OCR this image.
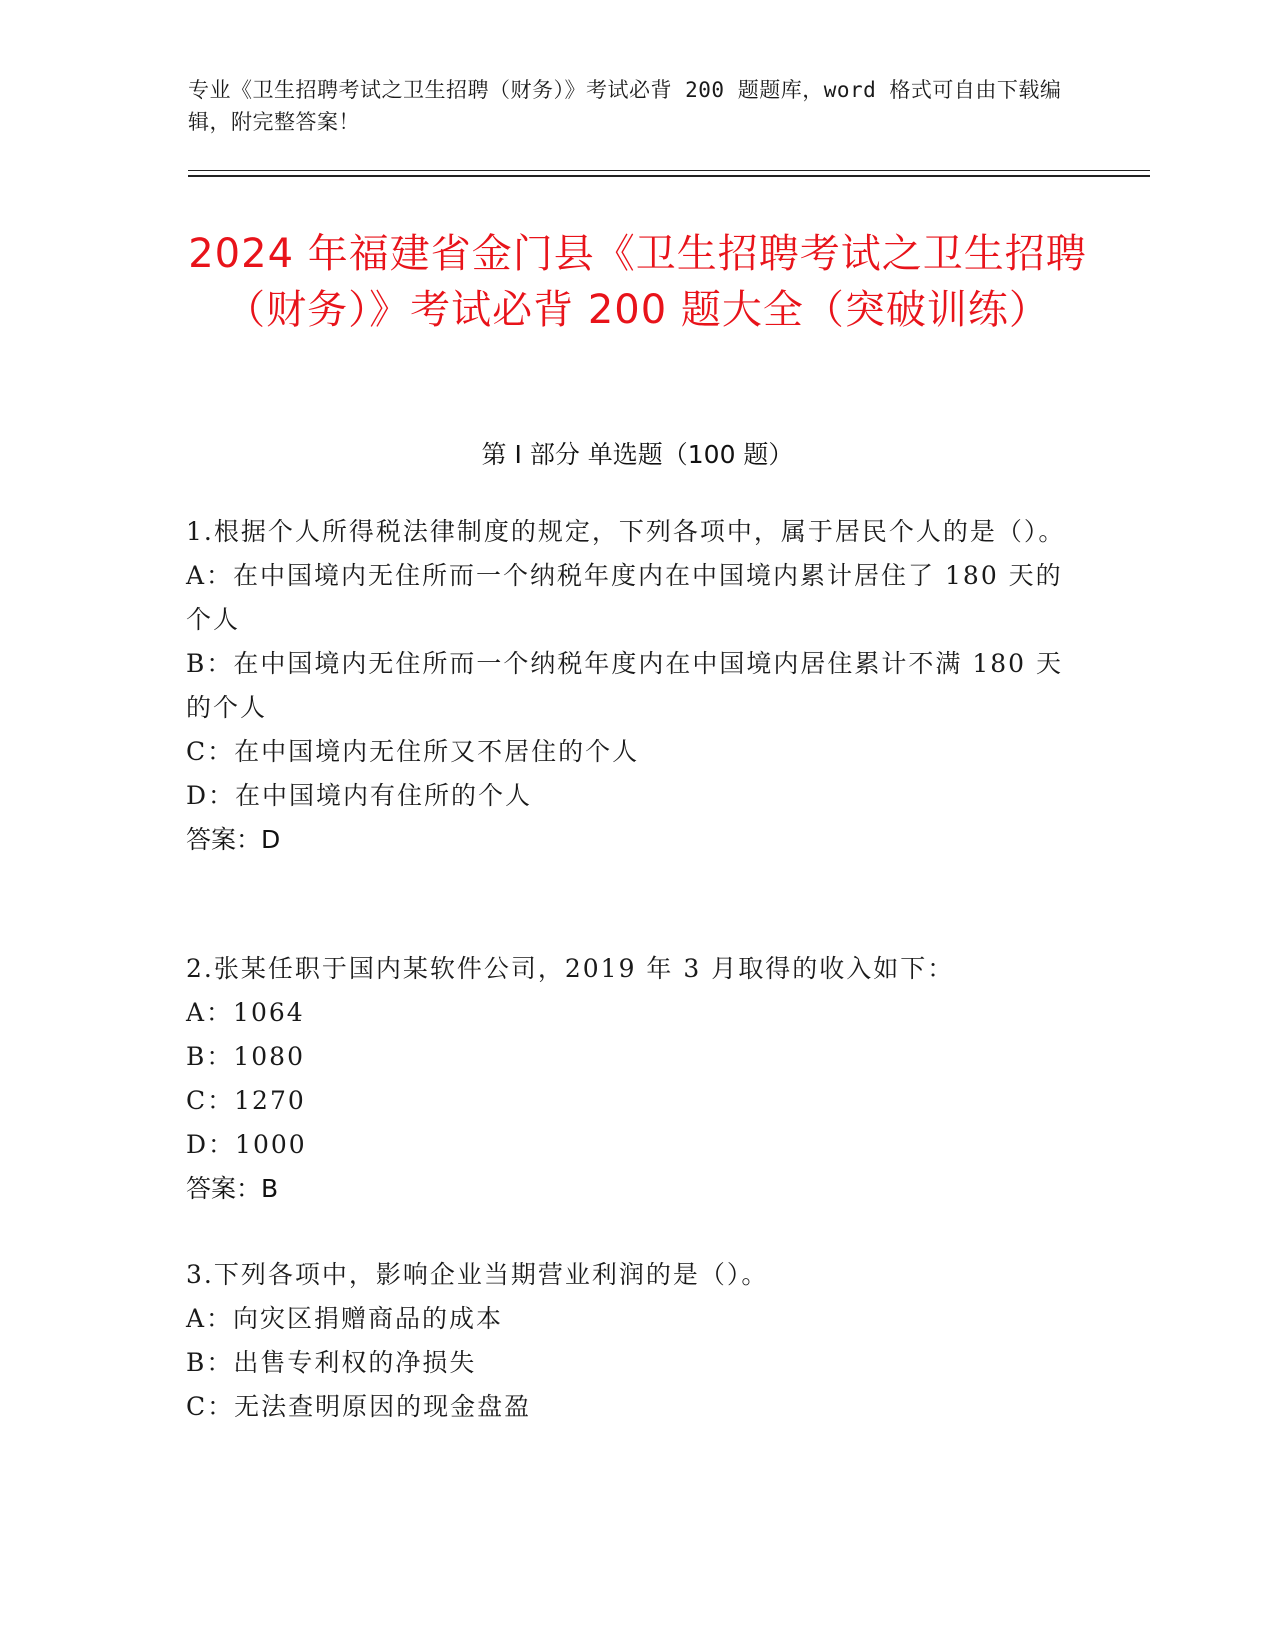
专业《卫生招聘考试之卫生招聘（财务）》考试必背 200 题题库，word 格式可自由下载编辑，附完整答案！
2024 年福建省金门县《卫生招聘考试之卫生招聘（财务）》考试必背 200 题大全（突破训练）
第 I 部分 单选题（100 题）

1.根据个人所得税法律制度的规定，下列各项中，属于居民个人的是（）。

A：在中国境内无住所而一个纳税年度内在中国境内累计居住了 180 天的个人

B：在中国境内无住所而一个纳税年度内在中国境内居住累计不满 180 天的个人

C：在中国境内无住所又不居住的个人

D：在中国境内有住所的个人

答案：D

2.张某任职于国内某软件公司，2019 年 3 月取得的收入如下：

A：1064

B：1080

C：1270

D：1000

答案：B

3.下列各项中，影响企业当期营业利润的是（）。

A：向灾区捐赠商品的成本

B：出售专利权的净损失

C：无法查明原因的现金盘盈
